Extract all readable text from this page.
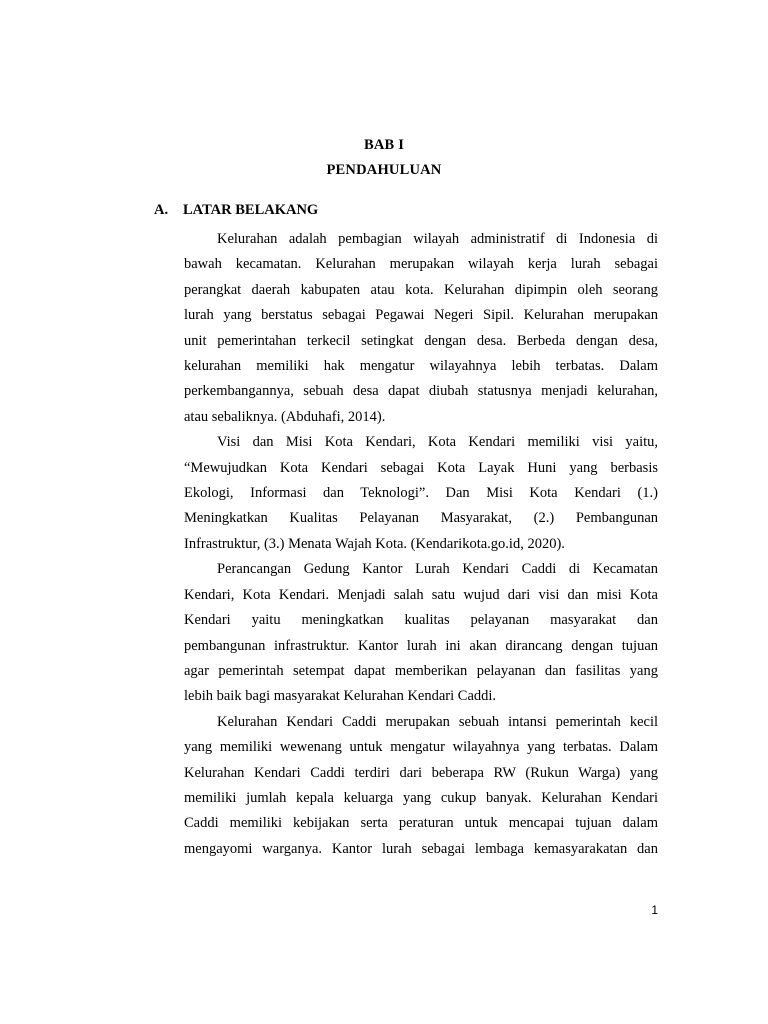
BAB I
PENDAHULUAN
A. LATAR BELAKANG
Kelurahan adalah pembagian wilayah administratif di Indonesia di
bawah kecamatan. Kelurahan merupakan wilayah kerja lurah sebagai
perangkat daerah kabupaten atau kota. Kelurahan dipimpin oleh seorang
lurah yang berstatus sebagai Pegawai Negeri Sipil. Kelurahan merupakan
unit pemerintahan terkecil setingkat dengan desa. Berbeda dengan desa,
kelurahan memiliki hak mengatur wilayahnya lebih terbatas. Dalam
perkembangannya, sebuah desa dapat diubah statusnya menjadi kelurahan,
atau sebaliknya. (Abduhafi, 2014).
Visi dan Misi Kota Kendari, Kota Kendari memiliki visi yaitu,
“Mewujudkan Kota Kendari sebagai Kota Layak Huni yang berbasis
Ekologi, Informasi dan Teknologi”. Dan Misi Kota Kendari (1.)
Meningkatkan Kualitas Pelayanan Masyarakat, (2.) Pembangunan
Infrastruktur, (3.) Menata Wajah Kota. (Kendarikota.go.id, 2020).
Perancangan Gedung Kantor Lurah Kendari Caddi di Kecamatan
Kendari, Kota Kendari. Menjadi salah satu wujud dari visi dan misi Kota
Kendari yaitu meningkatkan kualitas pelayanan masyarakat dan
pembangunan infrastruktur. Kantor lurah ini akan dirancang dengan tujuan
agar pemerintah setempat dapat memberikan pelayanan dan fasilitas yang
lebih baik bagi masyarakat Kelurahan Kendari Caddi.
Kelurahan Kendari Caddi merupakan sebuah intansi pemerintah kecil
yang memiliki wewenang untuk mengatur wilayahnya yang terbatas. Dalam
Kelurahan Kendari Caddi terdiri dari beberapa RW (Rukun Warga) yang
memiliki jumlah kepala keluarga yang cukup banyak. Kelurahan Kendari
Caddi memiliki kebijakan serta peraturan untuk mencapai tujuan dalam
mengayomi warganya. Kantor lurah sebagai lembaga kemasyarakatan dan
1
